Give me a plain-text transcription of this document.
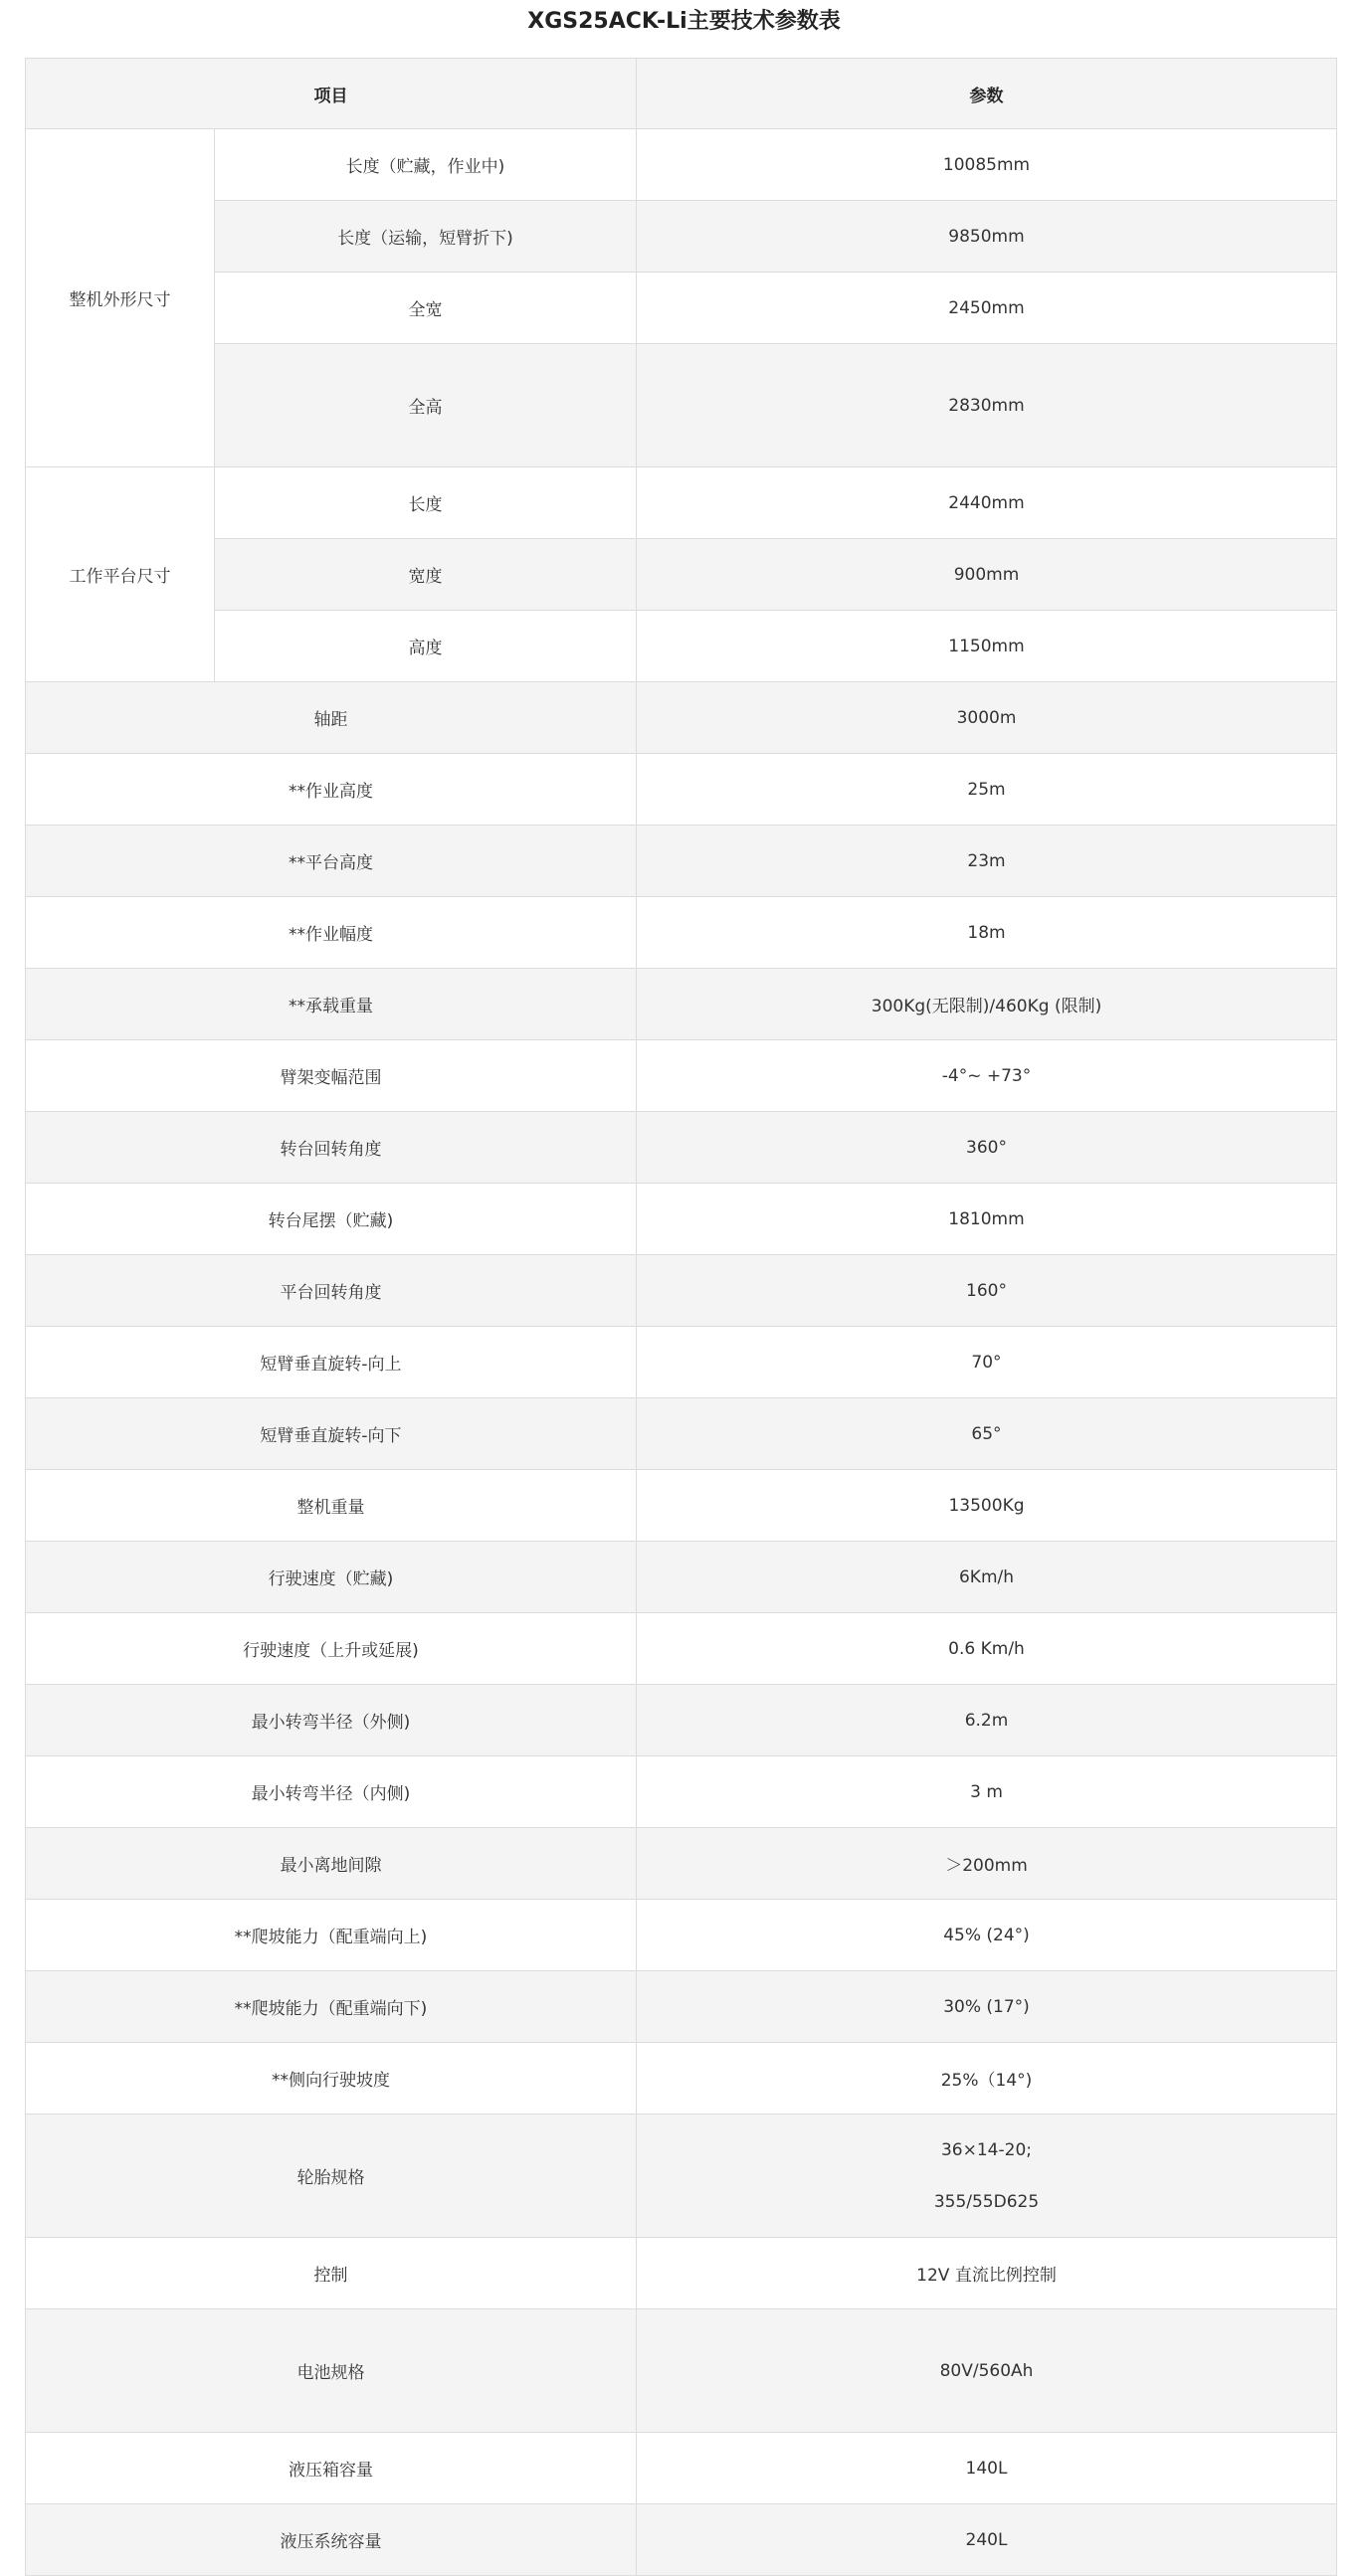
XGS25ACK-Li主要技术参数表
项目		参数
整机外形尺寸	长度（贮藏，作业中)	10085mm
	长度（运输，短臂折下)	9850mm
	全宽	2450mm
	全高	2830mm
工作平台尺寸	长度	2440mm
	宽度	900mm
	高度	1150mm
轴距		3000m
**作业高度		25m
**平台高度		23m
**作业幅度		18m
**承载重量		300Kg(无限制)/460Kg (限制)
臂架变幅范围		-4°~ +73°
转台回转角度		360°
转台尾摆（贮藏)		1810mm
平台回转角度		160°
短臂垂直旋转-向上		70°
短臂垂直旋转-向下		65°
整机重量		13500Kg
行驶速度（贮藏)		6Km/h
行驶速度（上升或延展)		0.6 Km/h
最小转弯半径（外侧)		6.2m
最小转弯半径（内侧)		3 m
最小离地间隙		＞200mm
**爬坡能力（配重端向上)		45% (24°)
**爬坡能力（配重端向下)		30% (17°)
**侧向行驶坡度		25%（14°)
轮胎规格		36×14-20;
355/55D625

控制		12V 直流比例控制
电池规格		80V/560Ah
液压箱容量		140L
液压系统容量		240L
